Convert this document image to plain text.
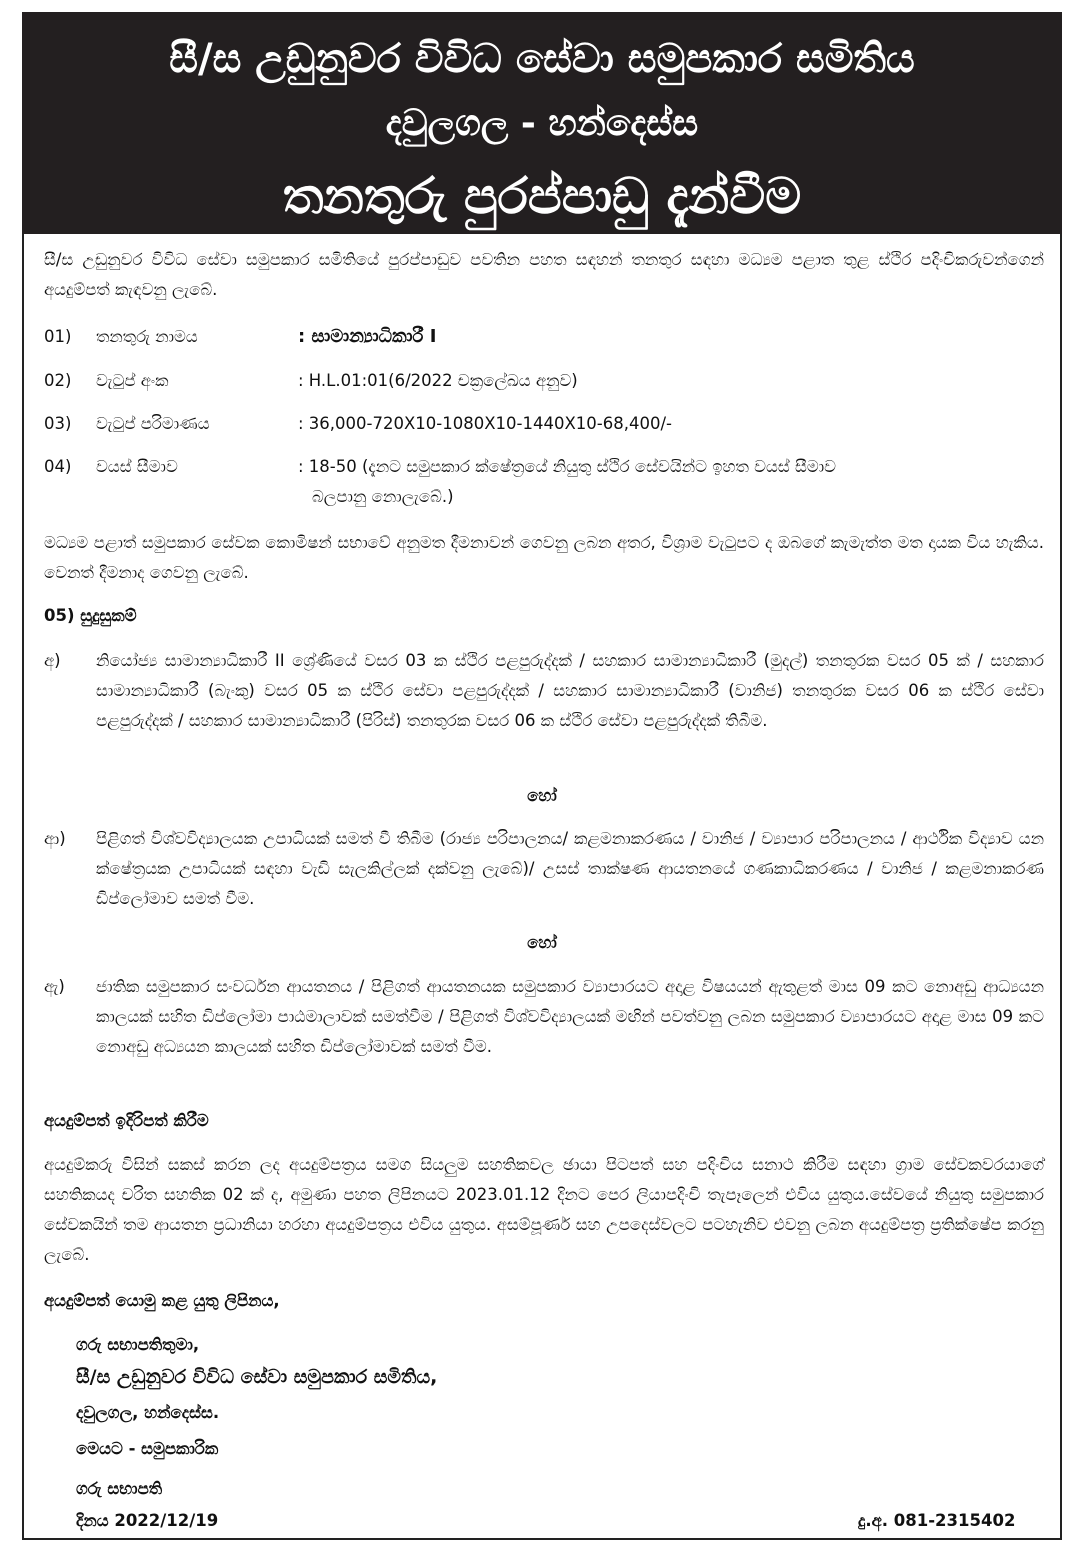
සී/ස උඩුනුවර විවිධ සේවා සමුපකාර සමිතිය
දවුලගල - හන්දෙස්ස
තනතුරු පුරප්පාඩු දැන්වීම
සී/ස උඩුනුවර විවිධ සේවා සමුපකාර සමිතියේ පුරප්පාඩුව පවතින පහත සඳහන් තනතුර සඳහා මධ්‍යම පළාත තුළ ස්ථිර පදිංචිකරුවන්ගෙන් අයදුම්පත් කැඳවනු ලැබේ.
01) තනතුරු නාමය	: සාමාන්‍යාධිකාරී I
02) වැටුප් අංක	: H.L.01:01(6/2022 චක්‍රලේඛය අනුව)
03) වැටුප් පරිමාණය	: 36,000-720X10-1080X10-1440X10-68,400/-
04) වයස් සීමාව	: 18-50 (දැනට සමුපකාර ක්ෂේත්‍රයේ නියුතු ස්ථිර සේවයින්ට ඉහත වයස් සීමාව
බලපානු නොලැබේ.)
මධ්‍යම පළාත් සමුපකාර සේවක කොමිෂන් සභාවේ අනුමත දීමනාවන් ගෙවනු ලබන අතර, විශ්‍රාම වැටුපට ද ඔබගේ කැමැත්ත මත දායක විය හැකිය. වෙනත් දීමනාද ගෙවනු ලැබේ.
05) සුදුසුකම්
අ) නියෝජ්‍ය සාමාන්‍යාධිකාරී II ශ්‍රේණියේ වසර 03 ක ස්ථිර පළපුරුද්දක් / සහකාර සාමාන්‍යාධිකාරී (මුදල්) තනතුරක වසර 05 ක් / සහකාර සාමාන්‍යාධිකාරී (බැංකු) වසර 05 ක ස්ථිර සේවා පළපුරුද්දක් / සහකාර සාමාන්‍යාධිකාරී (වානිජ) තනතුරක වසර 06 ක ස්ථිර සේවා පළපුරුද්දක් / සහකාර සාමාන්‍යාධිකාරී (පිරිස්) තනතුරක වසර 06 ක ස්ථිර සේවා පළපුරුද්දක් තිබීම.
හෝ
ආ) පිළිගත් විශ්වවිද්‍යාලයක උපාධියක් සමත් වී තිබීම (රාජ්‍ය පරිපාලනය/ කළමනාකරණය / වානිජ / ව්‍යාපාර පරිපාලනය / ආර්ථික විද්‍යාව යන ක්ෂේත්‍රයක උපාධියක් සඳහා වැඩි සැලකිල්ලක් දක්වනු ලැබේ)/ උසස් තාක්ෂණ ආයතනයේ ගණකාධිකරණය / වානිජ / කළමනාකරණ ඩිප්ලෝමාව සමත් වීම.
හෝ
ඇ) ජාතික සමුපකාර සංවර්ධන ආයතනය / පිළිගත් ආයතනයක සමුපකාර ව්‍යාපාරයට අදාළ විෂයයන් ඇතුළත් මාස 09 කට නොඅඩු ආධ්‍යයන කාලයක් සහිත ඩිප්ලෝමා පාඨමාලාවක් සමත්වීම / පිළිගත් විශ්වවිද්‍යාලයක් මඟින් පවත්වනු ලබන සමුපකාර ව්‍යාපාරයට අදාළ මාස 09 කට නොඅඩු අධ්‍යයන කාලයක් සහිත ඩිප්ලෝමාවක් සමත් වීම.
අයදුම්පත් ඉදිරිපත් කිරීම
අයදුම්කරු විසින් සකස් කරන ලද අයදුම්පත්‍රය සමග සියලුම සහතිකවල ඡායා පිටපත් සහ පදිංචිය සනාථ කිරීම සඳහා ග්‍රාම සේවකවරයාගේ සහතිකයද චරිත සහතික 02 ක් ද, අමුණා පහත ලිපිනයට 2023.01.12 දිනට පෙර ලියාපදිංචි තැපෑලෙන් එවිය යුතුය.සේවයේ නියුතු සමුපකාර සේවකයින් තම ආයතන ප්‍රධානියා හරහා අයදුම්පත්‍රය එවිය යුතුය. අසම්පූර්ණ සහ උපදෙස්වලට පටහැනිව එවනු ලබන අයදුම්පත්‍ර ප්‍රතික්ෂේප කරනු ලැබේ.
අයදුම්පත් යොමු කළ යුතු ලිපිනය,
ගරු සභාපතිතුමා,
සී/ස උඩුනුවර විවිධ සේවා සමුපකාර සමිතිය,
දවුලගල, හන්දෙස්ස.
මෙයට - සමුපකාරික
ගරු සභාපති
දිනය 2022/12/19	දු.අ. 081-2315402
